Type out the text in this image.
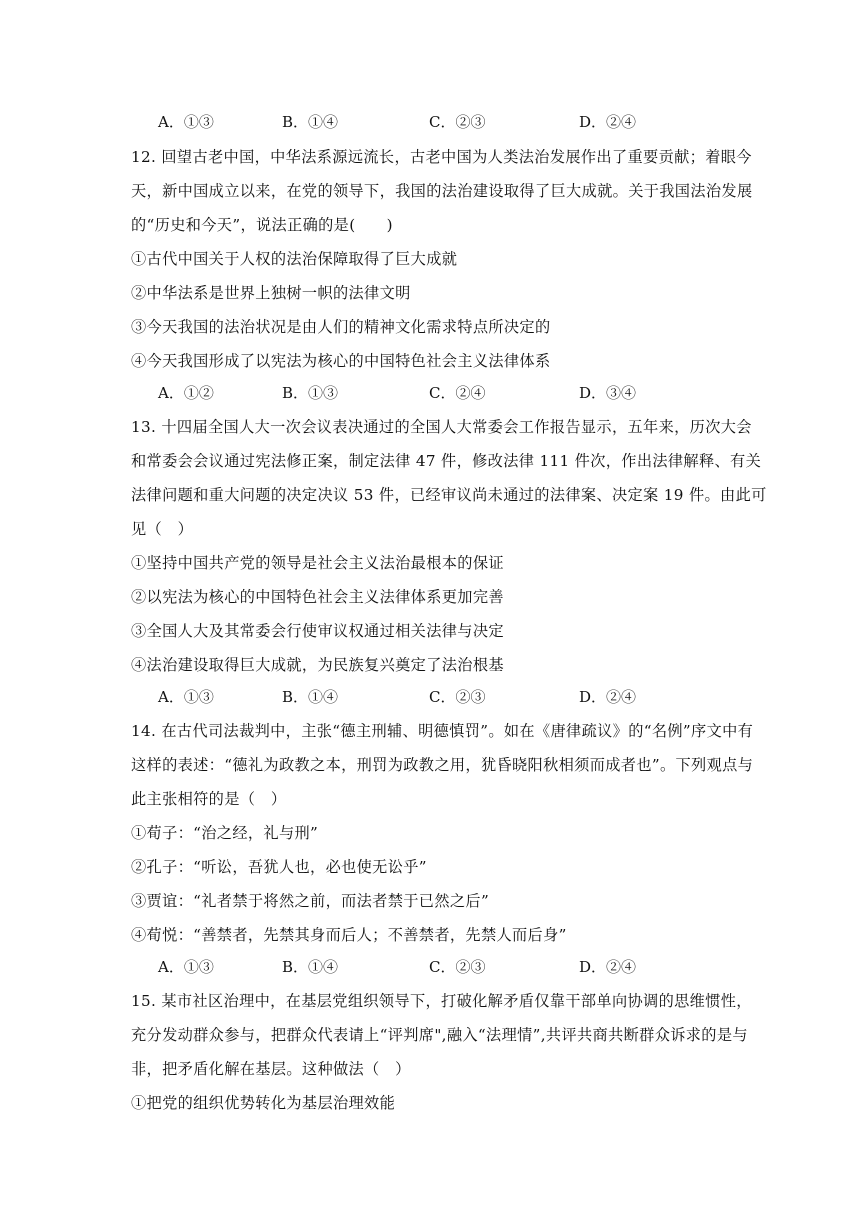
A．①③	B．①④	C．②③	D．②④
12. 回望古老中国，中华法系源远流长，古老中国为人类法治发展作出了重要贡献；着眼今
天，新中国成立以来，在党的领导下，我国的法治建设取得了巨大成就。关于我国法治发展
的“历史和今天”，说法正确的是(　　)
①古代中国关于人权的法治保障取得了巨大成就
②中华法系是世界上独树一帜的法律文明
③今天我国的法治状况是由人们的精神文化需求特点所决定的
④今天我国形成了以宪法为核心的中国特色社会主义法律体系
A．①②	B．①③	C．②④	D．③④
13. 十四届全国人大一次会议表决通过的全国人大常委会工作报告显示，五年来，历次大会
和常委会会议通过宪法修正案，制定法律 47 件，修改法律 111 件次，作出法律解释、有关
法律问题和重大问题的决定决议 53 件，已经审议尚未通过的法律案、决定案 19 件。由此可
见（　）
①坚持中国共产党的领导是社会主义法治最根本的保证
②以宪法为核心的中国特色社会主义法律体系更加完善
③全国人大及其常委会行使审议权通过相关法律与决定
④法治建设取得巨大成就，为民族复兴奠定了法治根基
A．①③	B．①④	C．②③	D．②④
14. 在古代司法裁判中，主张“德主刑辅、明德慎罚”。如在《唐律疏议》的“名例”序文中有
这样的表述：“德礼为政教之本，刑罚为政教之用，犹昏晓阳秋相须而成者也”。下列观点与
此主张相符的是（　）
①荀子：“治之经，礼与刑”
②孔子：“听讼，吾犹人也，必也使无讼乎”
③贾谊：“礼者禁于将然之前，而法者禁于已然之后”
④荀悦：“善禁者，先禁其身而后人；不善禁者，先禁人而后身”
A．①③	B．①④	C．②③	D．②④
15. 某市社区治理中，在基层党组织领导下，打破化解矛盾仅靠干部单向协调的思维惯性，
充分发动群众参与，把群众代表请上“评判席",融入“法理情”,共评共商共断群众诉求的是与
非，把矛盾化解在基层。这种做法（　）
①把党的组织优势转化为基层治理效能
